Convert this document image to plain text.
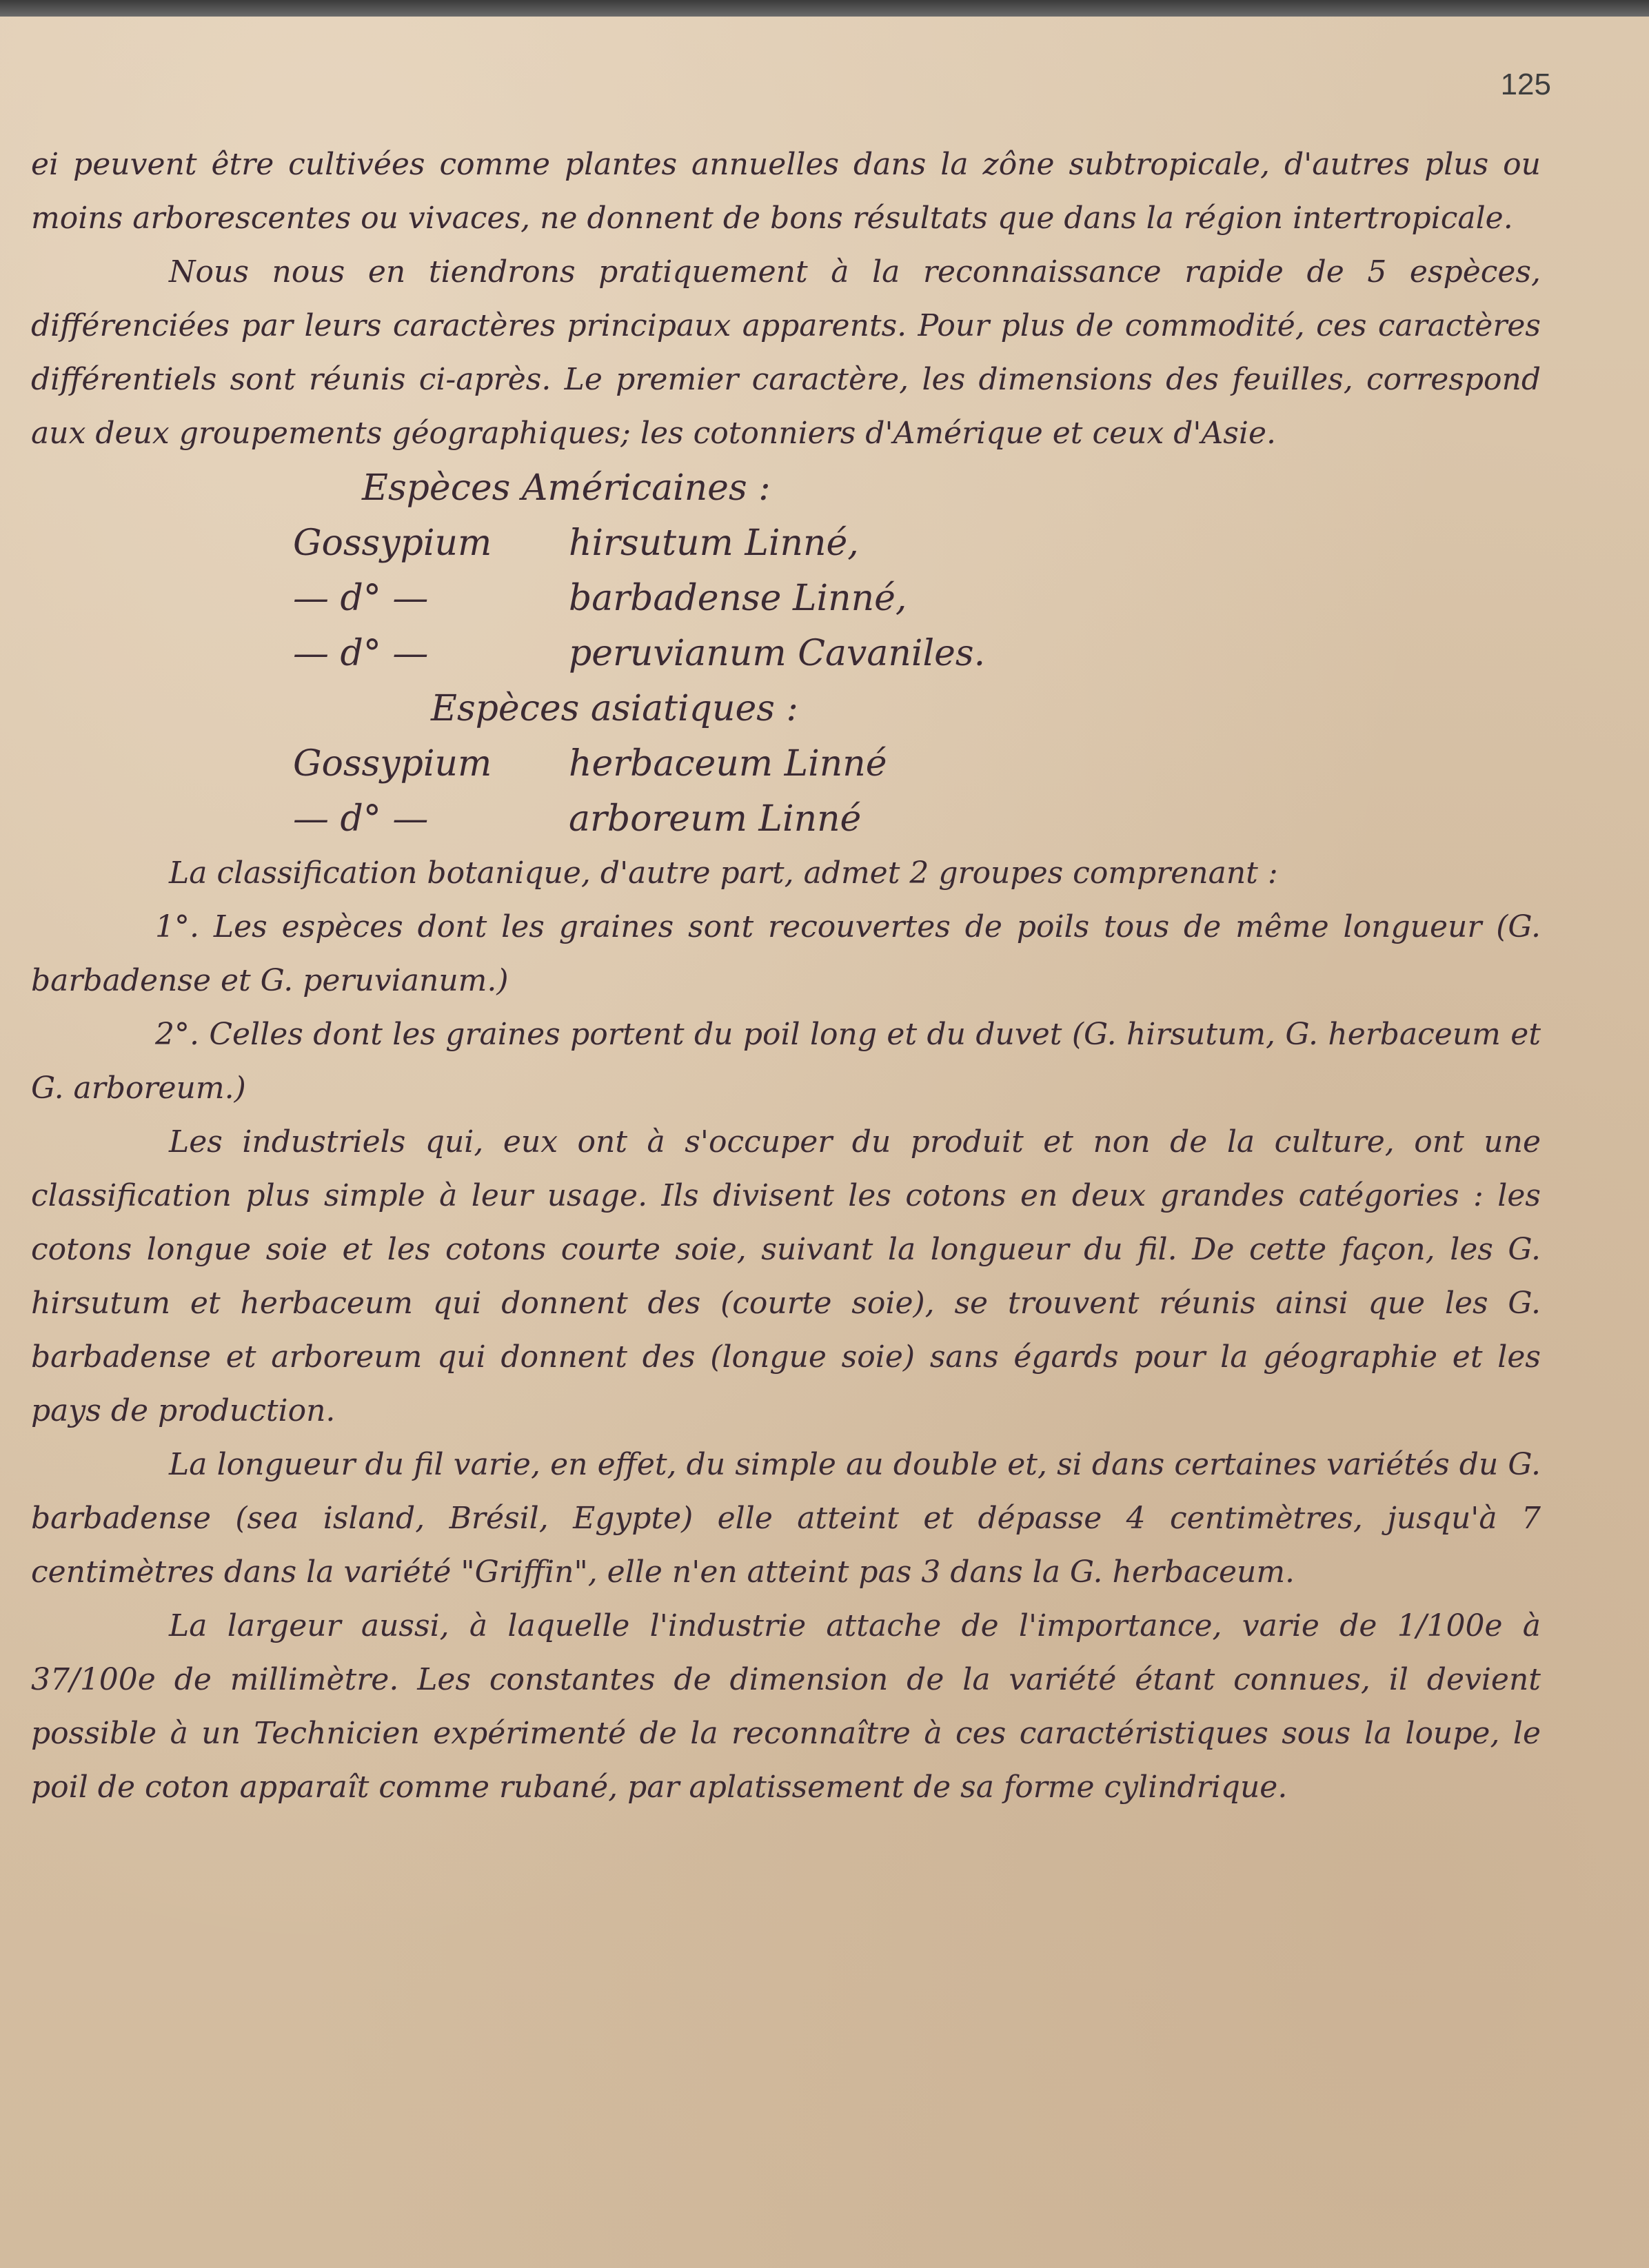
125

ei peuvent être cultivées comme plantes annuelles dans la zône subtropicale, d'autres plus ou moins arborescentes ou vivaces, ne donnent de bons résultats que dans la région intertropicale.

Nous nous en tiendrons pratiquement à la reconnaissance rapide de 5 espèces, différenciées par leurs caractères principaux apparents. Pour plus de commodité, ces caractères différentiels sont réunis ci-après. Le premier caractère, les dimensions des feuilles, correspond aux deux groupements géographiques; les cotonniers d'Amérique et ceux d'Asie.

Espèces Américaines :
Gossypium hirsutum Linné,
— d° —	barbadense Linné,
— d° —	peruvianum Cavaniles.
Espèces asiatiques :
Gossypium herbaceum Linné
— d° —	arboreum Linné

La classification botanique, d'autre part, admet 2 groupes comprenant :

1°. Les espèces dont les graines sont recouvertes de poils tous de même longueur (G. barbadense et G. peruvianum.)

2°. Celles dont les graines portent du poil long et du duvet (G. hirsutum, G. herbaceum et G. arboreum.)

Les industriels qui, eux ont à s'occuper du produit et non de la culture, ont une classification plus simple à leur usage. Ils divisent les cotons en deux grandes catégories : les cotons longue soie et les cotons courte soie, suivant la longueur du fil. De cette façon, les G. hirsutum et herbaceum qui donnent des (courte soie), se trouvent réunis ainsi que les G. barbadense et arboreum qui donnent des (longue soie) sans égards pour la géographie et les pays de production.

La longueur du fil varie, en effet, du simple au double et, si dans certaines variétés du G. barbadense (sea island, Brésil, Egypte) elle atteint et dépasse 4 centimètres, jusqu'à 7 centimètres dans la variété "Griffin", elle n'en atteint pas 3 dans la G. herbaceum.

La largeur aussi, à laquelle l'industrie attache de l'importance, varie de 1/100e à 37/100e de millimètre. Les constantes de dimension de la variété étant connues, il devient possible à un Technicien expérimenté de la reconnaître à ces caractéristiques sous la loupe, le poil de coton apparaît comme rubané, par aplatissement de sa forme cylindrique.
